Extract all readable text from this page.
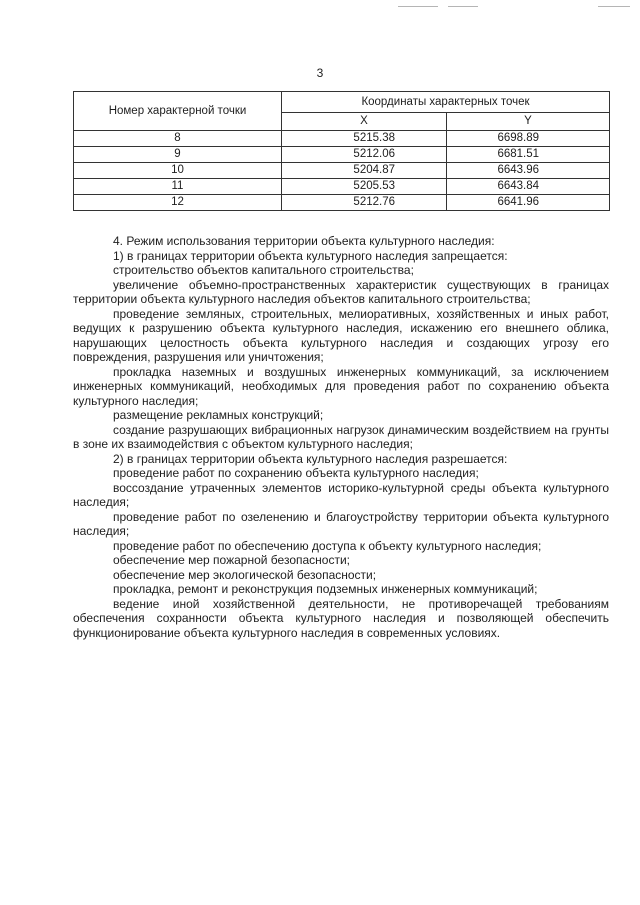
3
Номер характерной точки	Координаты характерных точек	
	X	Y
8	5215.38	6698.89
9	5212.06	6681.51
10	5204.87	6643.96
11	5205.53	6643.84
12	5212.76	6641.96

4. Режим использования территории объекта культурного наследия:

1) в границах территории объекта культурного наследия запрещается:

строительство объектов капитального строительства;

увеличение объемно-пространственных характеристик существующих в границах территории объекта культурного наследия объектов капитального строительства;

проведение земляных, строительных, мелиоративных, хозяйственных и иных работ, ведущих к разрушению объекта культурного наследия, искажению его внешнего облика, нарушающих целостность объекта культурного наследия и создающих угрозу его повреждения, разрушения или уничтожения;

прокладка наземных и воздушных инженерных коммуникаций, за исключением инженерных коммуникаций, необходимых для проведения работ по сохранению объекта культурного наследия;

размещение рекламных конструкций;

создание разрушающих вибрационных нагрузок динамическим воздействием на грунты в зоне их взаимодействия с объектом культурного наследия;

2) в границах территории объекта культурного наследия разрешается:

проведение работ по сохранению объекта культурного наследия;

воссоздание утраченных элементов историко-культурной среды объекта культурного наследия;

проведение работ по озеленению и благоустройству территории объекта культурного наследия;

проведение работ по обеспечению доступа к объекту культурного наследия;

обеспечение мер пожарной безопасности;

обеспечение мер экологической безопасности;

прокладка, ремонт и реконструкция подземных инженерных коммуникаций;

ведение иной хозяйственной деятельности, не противоречащей требованиям обеспечения сохранности объекта культурного наследия и позволяющей обеспечить функционирование объекта культурного наследия в современных условиях.
